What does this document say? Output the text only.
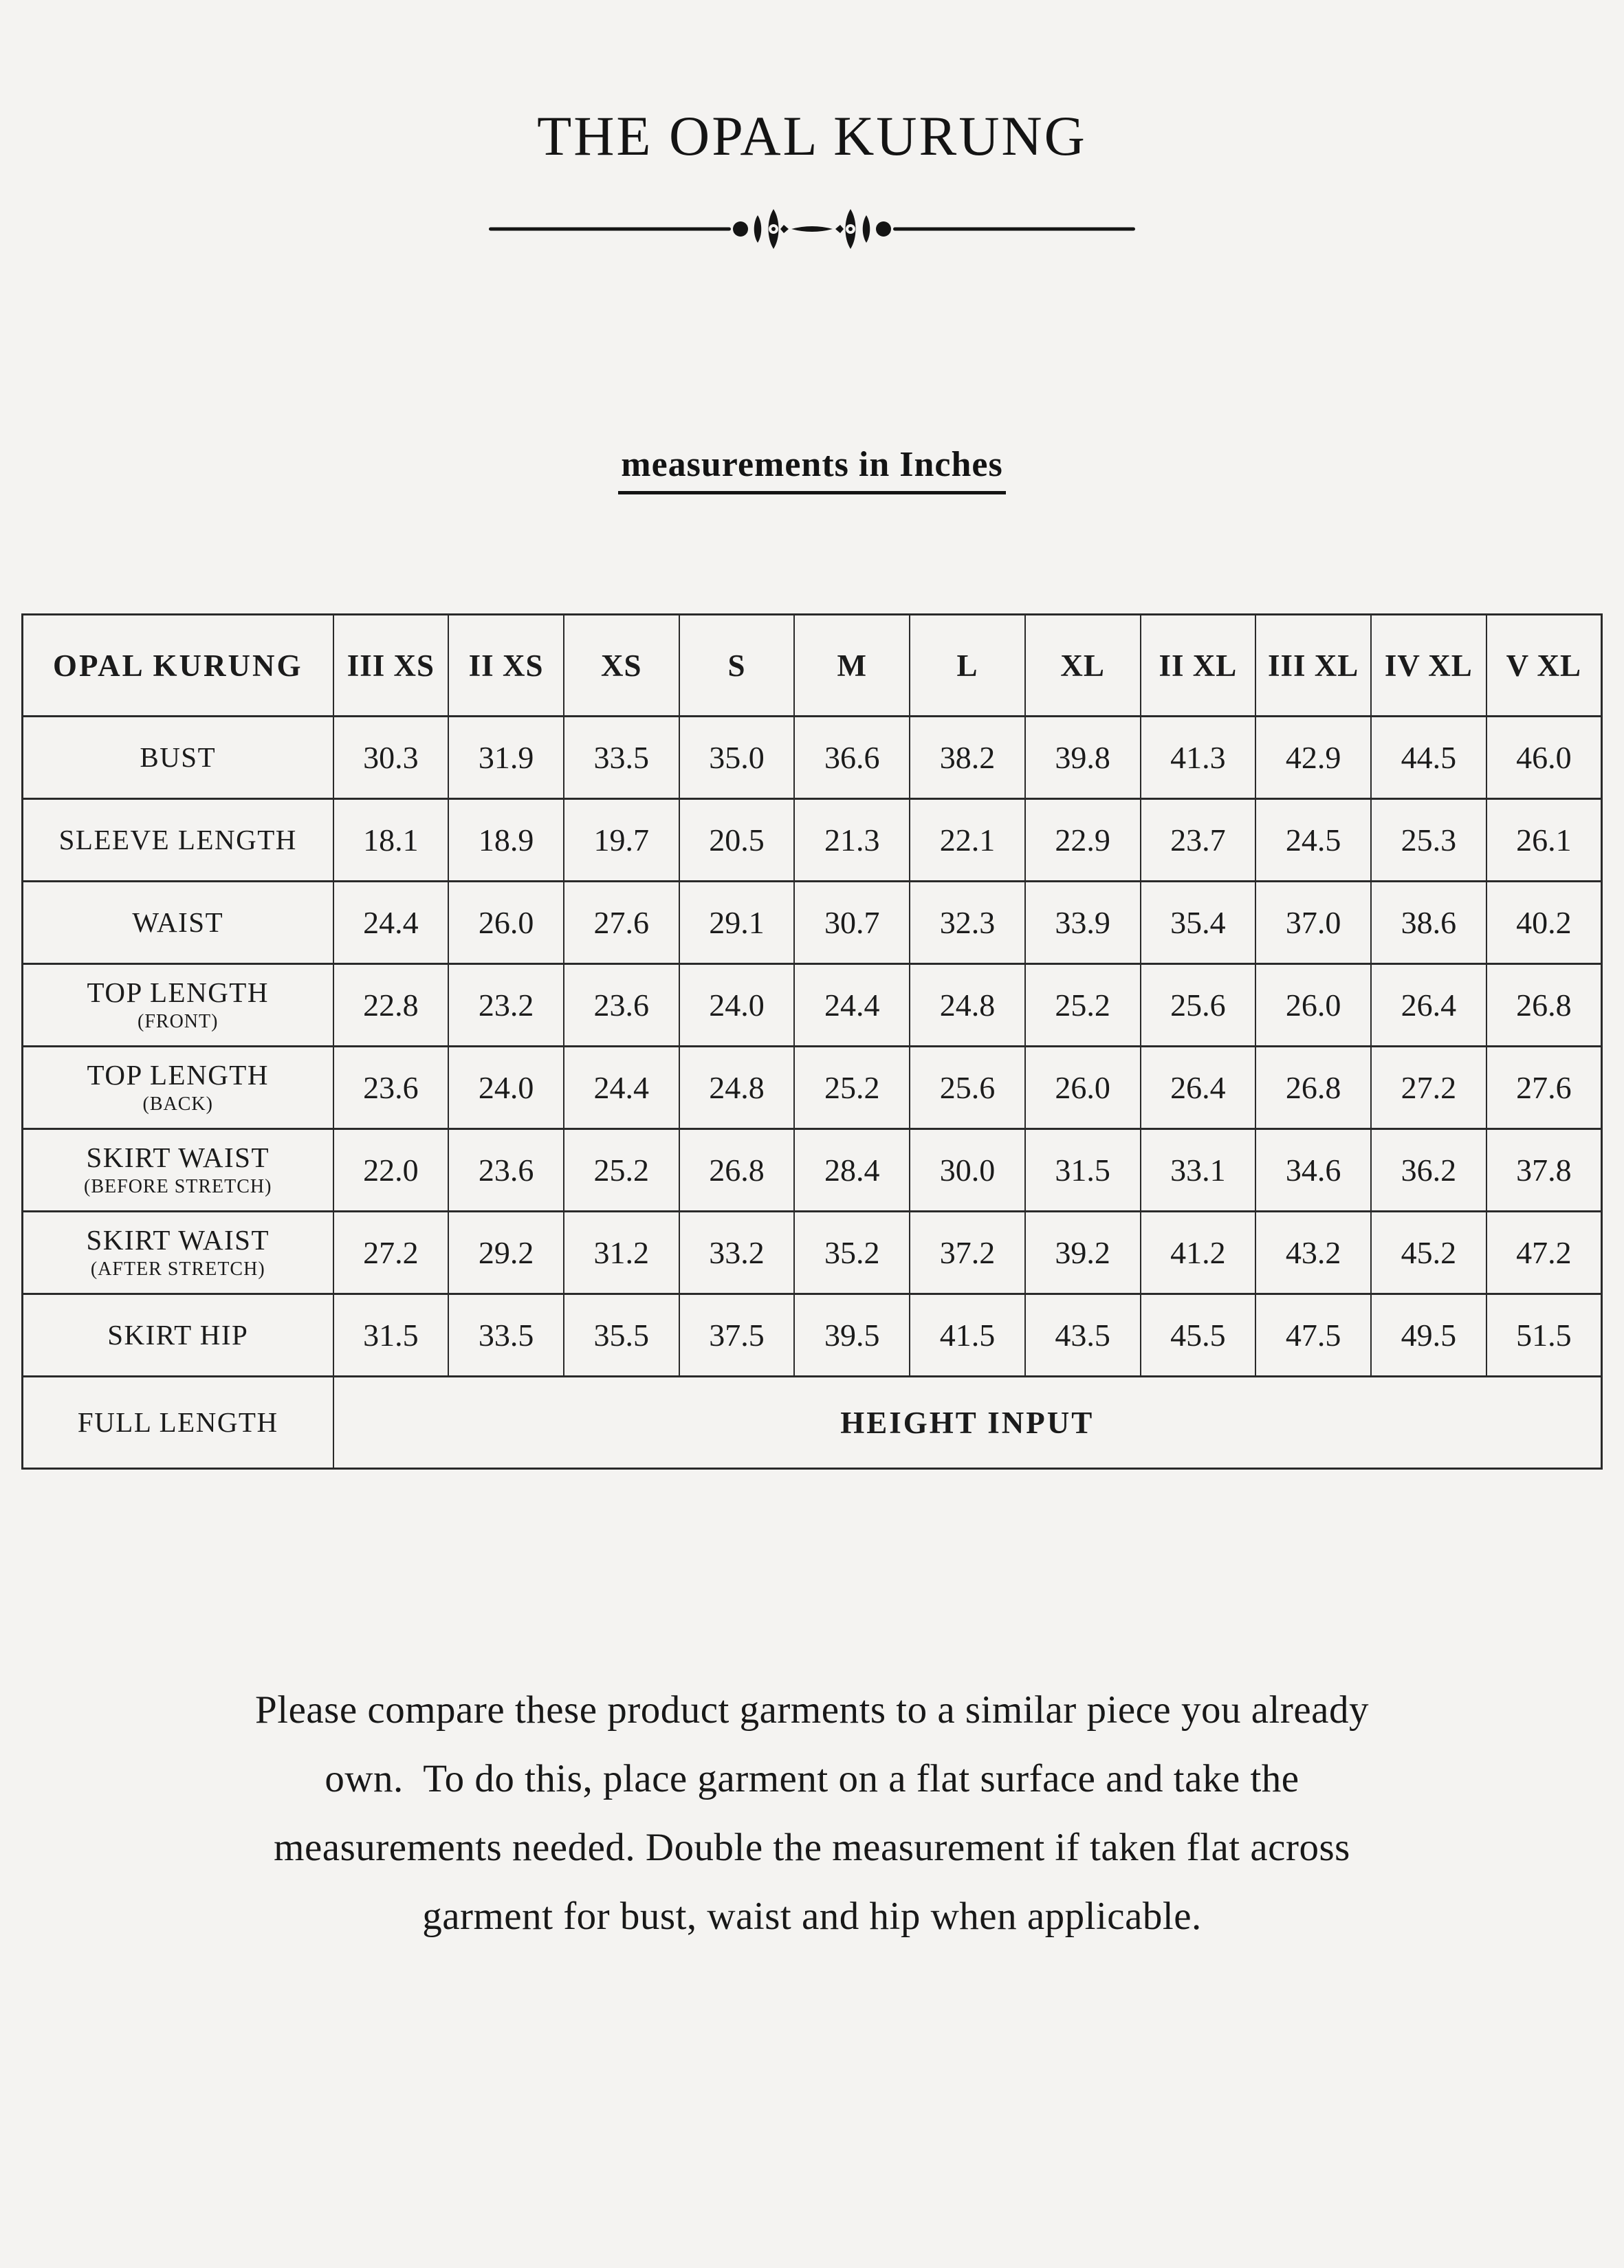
THE OPAL KURUNG
measurements in Inches
OPAL KURUNG	III XS	II XS	XS	S	M	L	XL	II XL	III XL	IV XL	V XL

BUST	30.3	31.9	33.5	35.0	36.6	38.2	39.8	41.3	42.9	44.5	46.0

SLEEVE LENGTH	18.1	18.9	19.7	20.5	21.3	22.1	22.9	23.7	24.5	25.3	26.1

WAIST	24.4	26.0	27.6	29.1	30.7	32.3	33.9	35.4	37.0	38.6	40.2

TOP LENGTH
(FRONT)	22.8	23.2	23.6	24.0	24.4	24.8	25.2	25.6	26.0	26.4	26.8

TOP LENGTH
(BACK)	23.6	24.0	24.4	24.8	25.2	25.6	26.0	26.4	26.8	27.2	27.6

SKIRT WAIST
(BEFORE STRETCH)	22.0	23.6	25.2	26.8	28.4	30.0	31.5	33.1	34.6	36.2	37.8

SKIRT WAIST
(AFTER STRETCH)	27.2	29.2	31.2	33.2	35.2	37.2	39.2	41.2	43.2	45.2	47.2

SKIRT HIP	31.5	33.5	35.5	37.5	39.5	41.5	43.5	45.5	47.5	49.5	51.5
FULL LENGTH	HEIGHT INPUT										
Please compare these product garments to a similar piece you already
own.  To do this, place garment on a flat surface and take the
measurements needed. Double the measurement if taken flat across
garment for bust, waist and hip when applicable.
